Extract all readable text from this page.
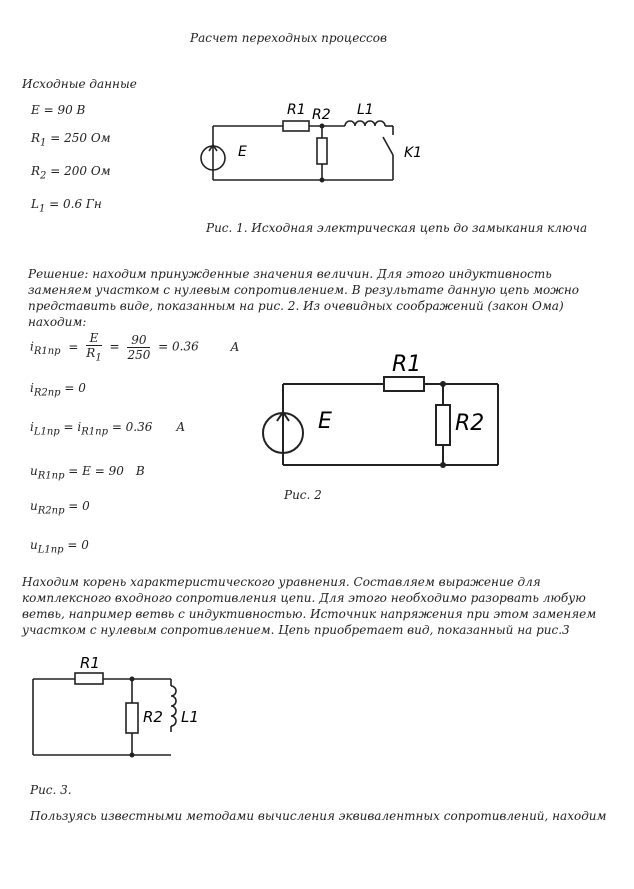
Расчет переходных процессов
Исходные данные
E = 90 B
$R_1 = 250$ Ом
$R_2 = 200$ Ом
$L_1 = 0.6$ Гн
R1 R2 L1
E	K1
R1
R2
E
R1
R2 L1
Рис. 1. Исходная электрическая цепь до замыкания ключа
Решение: находим принужденные значения величин. Для этого индуктивность заменяем участком с нулевым сопротивлением. В результате данную цепь можно представить виде, показанным на рис. 2. Из очевидных соображений (закон Ома) находим:
$i_{R1пр} = \frac{E}{R_1} = \frac{90}{250} = 0.36$	A
$i_{R2пр} = 0$
$i_{L1пр} = i_{R1пр} = 0.36$ A
$u_{R1пр} = E = 90$ B
$u_{R2пр} = 0$
$u_{L1пр} = 0$
Рис. 2
Находим корень характеристического уравнения. Составляем выражение для комплексного входного сопротивления цепи. Для этого необходимо разорвать любую ветвь, например ветвь с индуктивностью. Источник напряжения при этом заменяем участком с нулевым сопротивлением. Цепь приобретает вид, показанный на рис.3
Рис. 3.
Пользуясь известными методами вычисления эквивалентных сопротивлений, находим
